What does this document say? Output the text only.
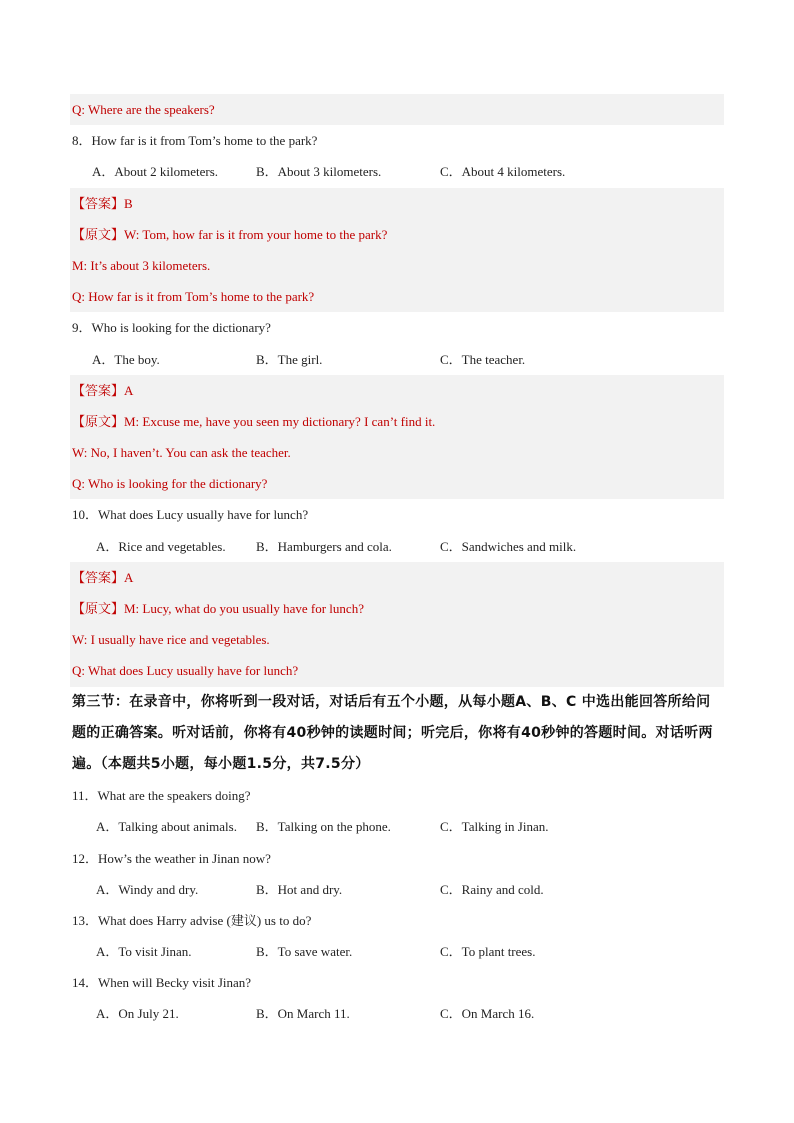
Q: Where are the speakers?
8．How far is it from Tom’s home to the park?
A．About 2 kilometers.	B．About 3 kilometers.	C．About 4 kilometers.
【答案】B
【原文】W: Tom, how far is it from your home to the park?
M: It’s about 3 kilometers.
Q: How far is it from Tom’s home to the park?
9．Who is looking for the dictionary?
A．The boy.	B．The girl.	C．The teacher.
【答案】A
【原文】M: Excuse me, have you seen my dictionary? I can’t find it.
W: No, I haven’t. You can ask the teacher.
Q: Who is looking for the dictionary?
10．What does Lucy usually have for lunch?
A．Rice and vegetables. B．Hamburgers and cola.	C．Sandwiches and milk.
【答案】A
【原文】M: Lucy, what do you usually have for lunch?
W: I usually have rice and vegetables.
Q: What does Lucy usually have for lunch?
第三节：在录音中，你将听到一段对话，对话后有五个小题，从每小题A、B、C 中选出能回答所给问题的正确答案。听对话前，你将有40秒钟的读题时间；听完后，你将有40秒钟的答题时间。对话听两遍。（本题共5小题，每小题1.5分，共7.5分）
11．What are the speakers doing?
A．Talking about animals. B．Talking on the phone.	C．Talking in Jinan.
12．How’s the weather in Jinan now?
A．Windy and dry.	B．Hot and dry.	C．Rainy and cold.
13．What does Harry advise (建议) us to do?
A．To visit Jinan.	B．To save water.	C．To plant trees.
14．When will Becky visit Jinan?
A．On July 21.	B．On March 11.	C．On March 16.
